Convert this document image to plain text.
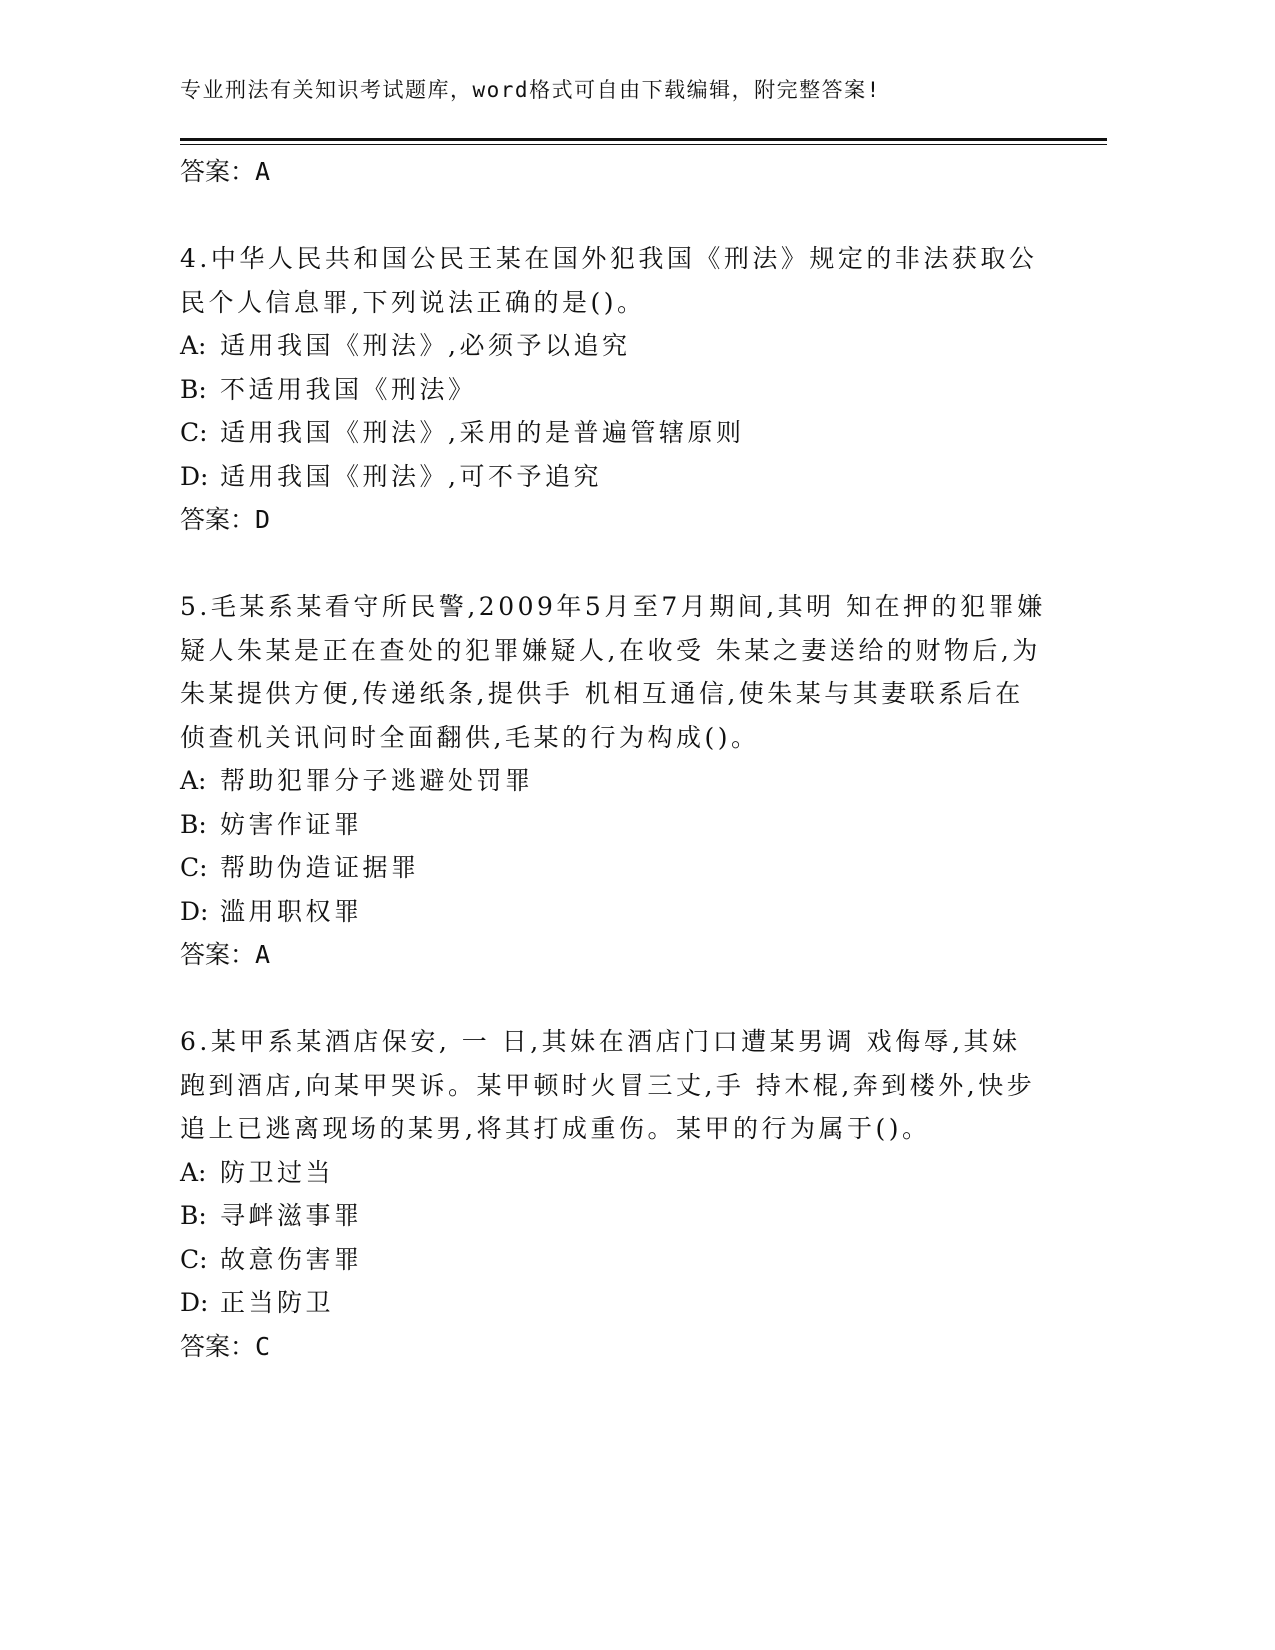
专业刑法有关知识考试题库，word格式可自由下载编辑，附完整答案!
答案：A
4.中华人民共和国公民王某在国外犯我国《刑法》规定的非法获取公
民个人信息罪,下列说法正确的是()。
A: 适用我国《刑法》,必须予以追究
B: 不适用我国《刑法》
C: 适用我国《刑法》,采用的是普遍管辖原则
D: 适用我国《刑法》,可不予追究
答案：D
5.毛某系某看守所民警,2009年5月至7月期间,其明 知在押的犯罪嫌
疑人朱某是正在查处的犯罪嫌疑人,在收受 朱某之妻送给的财物后,为
朱某提供方便,传递纸条,提供手 机相互通信,使朱某与其妻联系后在
侦查机关讯问时全面翻供,毛某的行为构成()。
A: 帮助犯罪分子逃避处罚罪
B: 妨害作证罪
C: 帮助伪造证据罪
D: 滥用职权罪
答案：A
6.某甲系某酒店保安, 一 日,其妹在酒店门口遭某男调 戏侮辱,其妹
跑到酒店,向某甲哭诉。某甲顿时火冒三丈,手 持木棍,奔到楼外,快步
追上已逃离现场的某男,将其打成重伤。某甲的行为属于()。
A: 防卫过当
B: 寻衅滋事罪
C: 故意伤害罪
D: 正当防卫
答案：C
